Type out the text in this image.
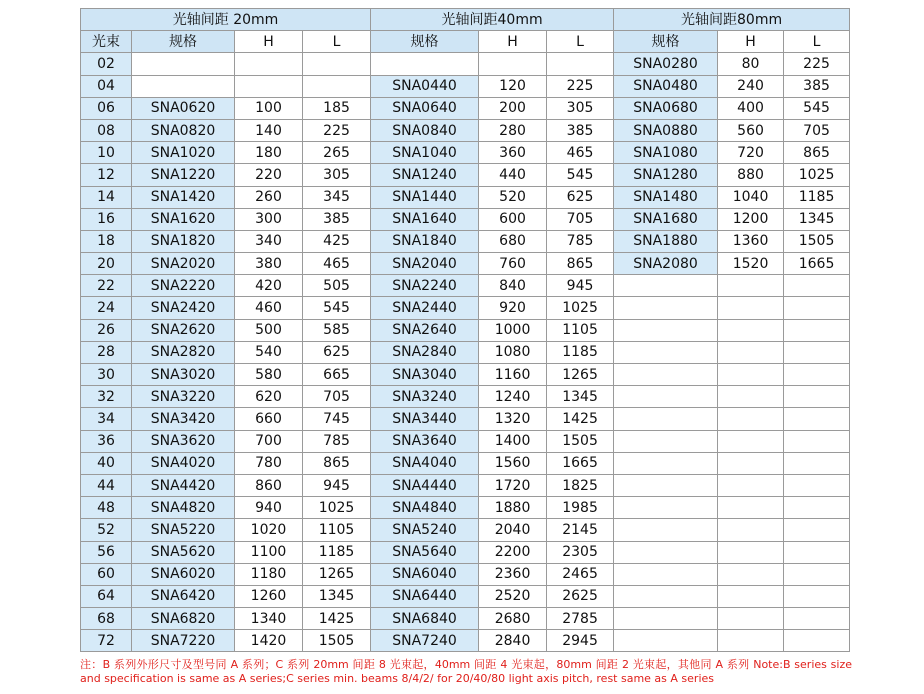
光轴间距 20mm				光轴间距40mm			光轴间距80mm		
光束	规格	H	L	规格	H	L	规格	H	L
02							SNA0280	80	225
04				SNA0440	120	225	SNA0480	240	385
06	SNA0620	100	185	SNA0640	200	305	SNA0680	400	545
08	SNA0820	140	225	SNA0840	280	385	SNA0880	560	705
10	SNA1020	180	265	SNA1040	360	465	SNA1080	720	865
12	SNA1220	220	305	SNA1240	440	545	SNA1280	880	1025
14	SNA1420	260	345	SNA1440	520	625	SNA1480	1040	1185
16	SNA1620	300	385	SNA1640	600	705	SNA1680	1200	1345
18	SNA1820	340	425	SNA1840	680	785	SNA1880	1360	1505
20	SNA2020	380	465	SNA2040	760	865	SNA2080	1520	1665
22	SNA2220	420	505	SNA2240	840	945			
24	SNA2420	460	545	SNA2440	920	1025			
26	SNA2620	500	585	SNA2640	1000	1105			
28	SNA2820	540	625	SNA2840	1080	1185			
30	SNA3020	580	665	SNA3040	1160	1265			
32	SNA3220	620	705	SNA3240	1240	1345			
34	SNA3420	660	745	SNA3440	1320	1425			
36	SNA3620	700	785	SNA3640	1400	1505			
40	SNA4020	780	865	SNA4040	1560	1665			
44	SNA4420	860	945	SNA4440	1720	1825			
48	SNA4820	940	1025	SNA4840	1880	1985			
52	SNA5220	1020	1105	SNA5240	2040	2145			
56	SNA5620	1100	1185	SNA5640	2200	2305			
60	SNA6020	1180	1265	SNA6040	2360	2465			
64	SNA6420	1260	1345	SNA6440	2520	2625			
68	SNA6820	1340	1425	SNA6840	2680	2785			
72	SNA7220	1420	1505	SNA7240	2840	2945			
注：B 系列外形尺寸及型号同 A 系列；C 系列 20mm 间距 8 光束起，40mm 间距 4 光束起，80mm 间距 2 光束起，其他同 A 系列 Note:B series size and specification is same as A series;C series min. beams 8/4/2/ for 20/40/80 light axis pitch, rest same as A series
